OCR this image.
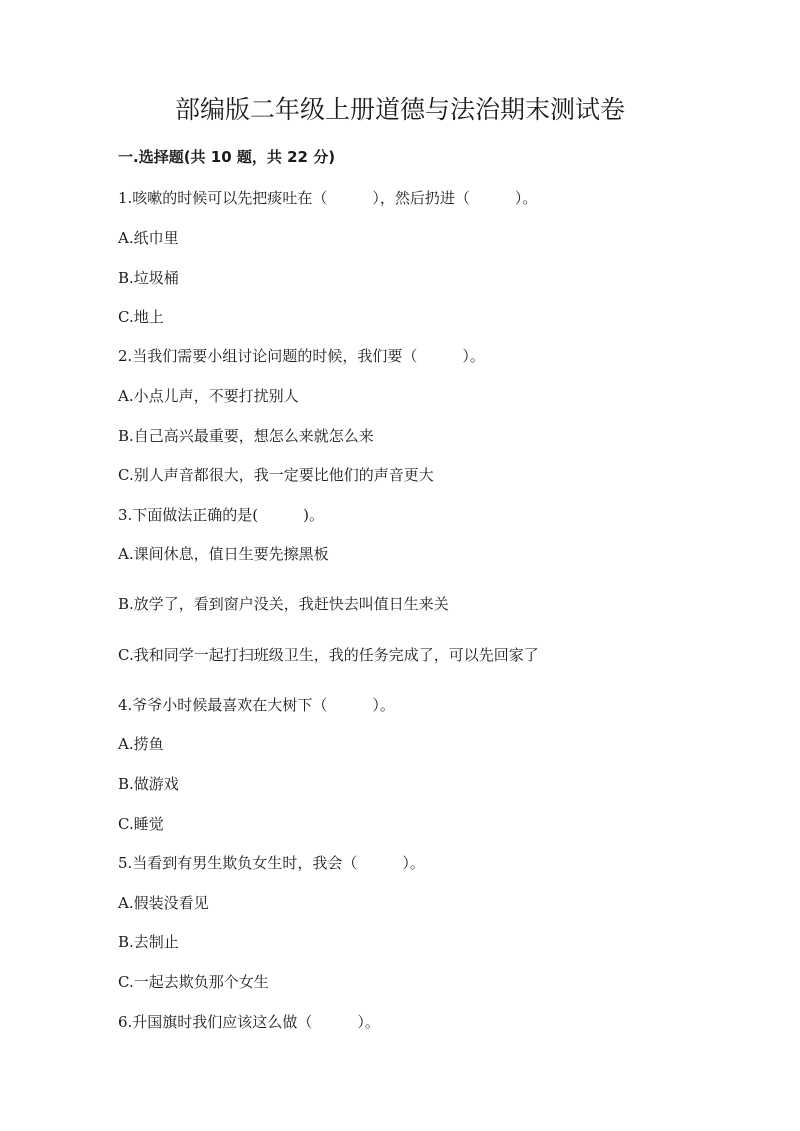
部编版二年级上册道德与法治期末测试卷
一.选择题(共 10 题，共 22 分)
1.咳嗽的时候可以先把痰吐在（　　　），然后扔进（　　　）。
A.纸巾里
B.垃圾桶
C.地上
2.当我们需要小组讨论问题的时候，我们要（　　　）。
A.小点儿声，不要打扰别人
B.自己高兴最重要，想怎么来就怎么来
C.别人声音都很大，我一定要比他们的声音更大
3.下面做法正确的是(　　　)。
A.课间休息，值日生要先擦黑板
B.放学了，看到窗户没关，我赶快去叫值日生来关
C.我和同学一起打扫班级卫生，我的任务完成了，可以先回家了
4.爷爷小时候最喜欢在大树下（　　　）。
A.捞鱼
B.做游戏
C.睡觉
5.当看到有男生欺负女生时，我会（　　　）。
A.假装没看见
B.去制止
C.一起去欺负那个女生
6.升国旗时我们应该这么做（　　　）。
